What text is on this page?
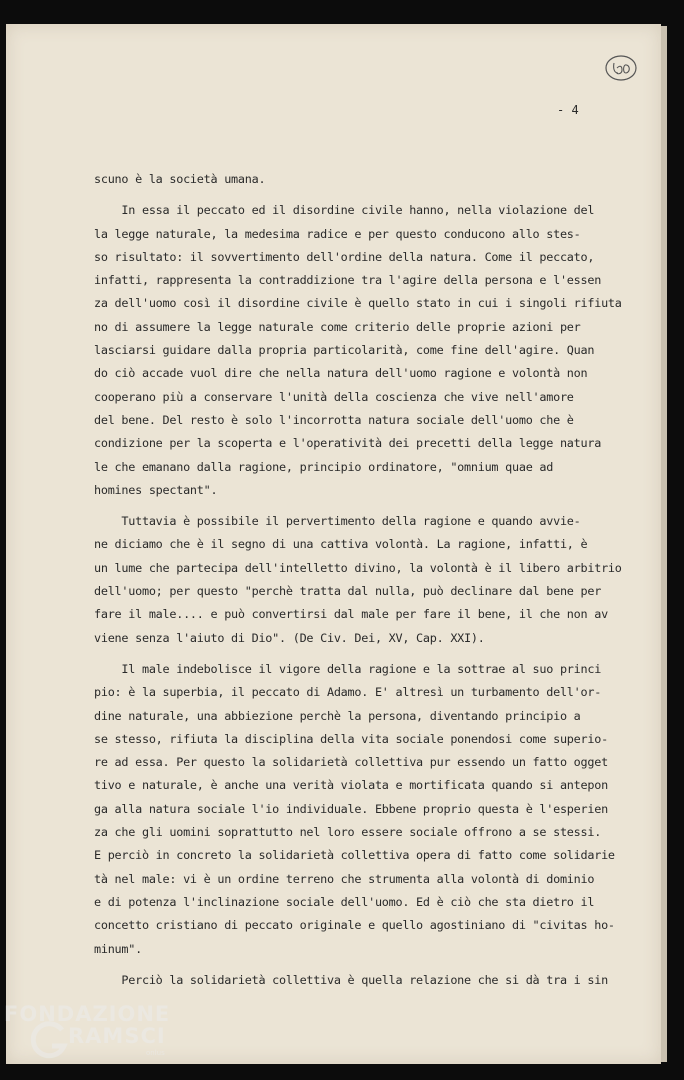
- 4
scuno è la società umana.
In essa il peccato ed il disordine civile hanno, nella violazione del
la legge naturale, la medesima radice e per questo conducono allo stes-
so risultato: il sovvertimento dell'ordine della natura. Come il peccato,
infatti, rappresenta la contraddizione tra l'agire della persona e l'essen
za dell'uomo così il disordine civile è quello stato in cui i singoli rifiuta
no di assumere la legge naturale come criterio delle proprie azioni per
lasciarsi guidare dalla propria particolarità, come fine dell'agire. Quan
do ciò accade vuol dire che nella natura dell'uomo ragione e volontà non
cooperano più a conservare l'unità della coscienza che vive nell'amore
del bene. Del resto è solo l'incorrotta natura sociale dell'uomo che è
condizione per la scoperta e l'operatività dei precetti della legge natura
le che emanano dalla ragione, principio ordinatore, "omnium quae ad
homines spectant".
Tuttavia è possibile il pervertimento della ragione e quando avvie-
ne diciamo che è il segno di una cattiva volontà. La ragione, infatti, è
un lume che partecipa dell'intelletto divino, la volontà è il libero arbitrio
dell'uomo; per questo "perchè tratta dal nulla, può declinare dal bene per
fare il male.... e può convertirsi dal male per fare il bene, il che non av
viene senza l'aiuto di Dio". (De Civ. Dei, XV, Cap. XXI).
Il male indebolisce il vigore della ragione e la sottrae al suo princi
pio: è la superbia, il peccato di Adamo. E' altresì un turbamento dell'or-
dine naturale, una abbiezione perchè la persona, diventando principio a
se stesso, rifiuta la disciplina della vita sociale ponendosi come superio-
re ad essa. Per questo la solidarietà collettiva pur essendo un fatto ogget
tivo e naturale, è anche una verità violata e mortificata quando si antepon
ga alla natura sociale l'io individuale. Ebbene proprio questa è l'esperien
za che gli uomini soprattutto nel loro essere sociale offrono a se stessi.
E perciò in concreto la solidarietà collettiva opera di fatto come solidarie
tà nel male: vi è un ordine terreno che strumenta alla volontà di dominio
e di potenza l'inclinazione sociale dell'uomo. Ed è ciò che sta dietro il
concetto cristiano di peccato originale e quello agostiniano di "civitas ho-
minum".
Perciò la solidarietà collettiva è quella relazione che si dà tra i sin
FONDAZIONE
RAMSCI
onlus
